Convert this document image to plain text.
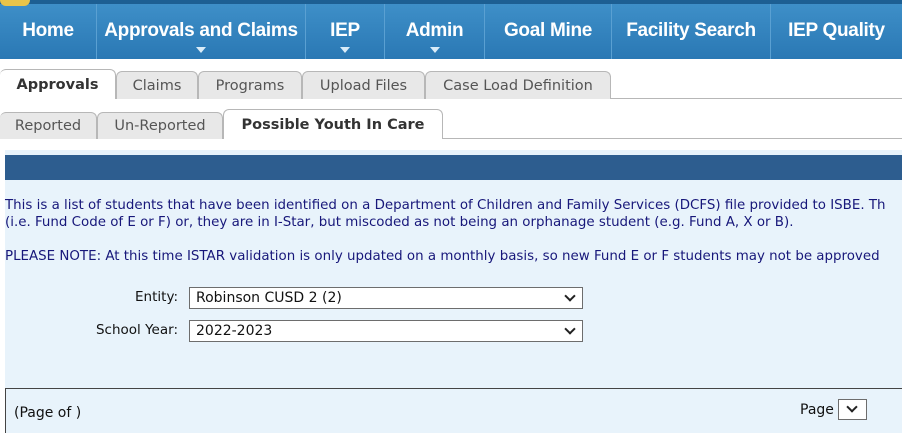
Home Approvals and Claims IEP Admin Goal Mine Facility Search IEP Quality
Approvals Claims Programs Upload Files Case Load Definition
Reported Un-Reported Possible Youth In Care
This is a list of students that have been identified on a Department of Children and Family Services (DCFS) file provided to ISBE. Th
(i.e. Fund Code of E or F) or, they are in I-Star, but miscoded as not being an orphanage student (e.g. Fund A, X or B).
PLEASE NOTE: At this time ISTAR validation is only updated on a monthly basis, so new Fund E or F students may not be approved
Entity:	Robinson CUSD 2 (2)
School Year:	2022-2023
(Page of )	Page
